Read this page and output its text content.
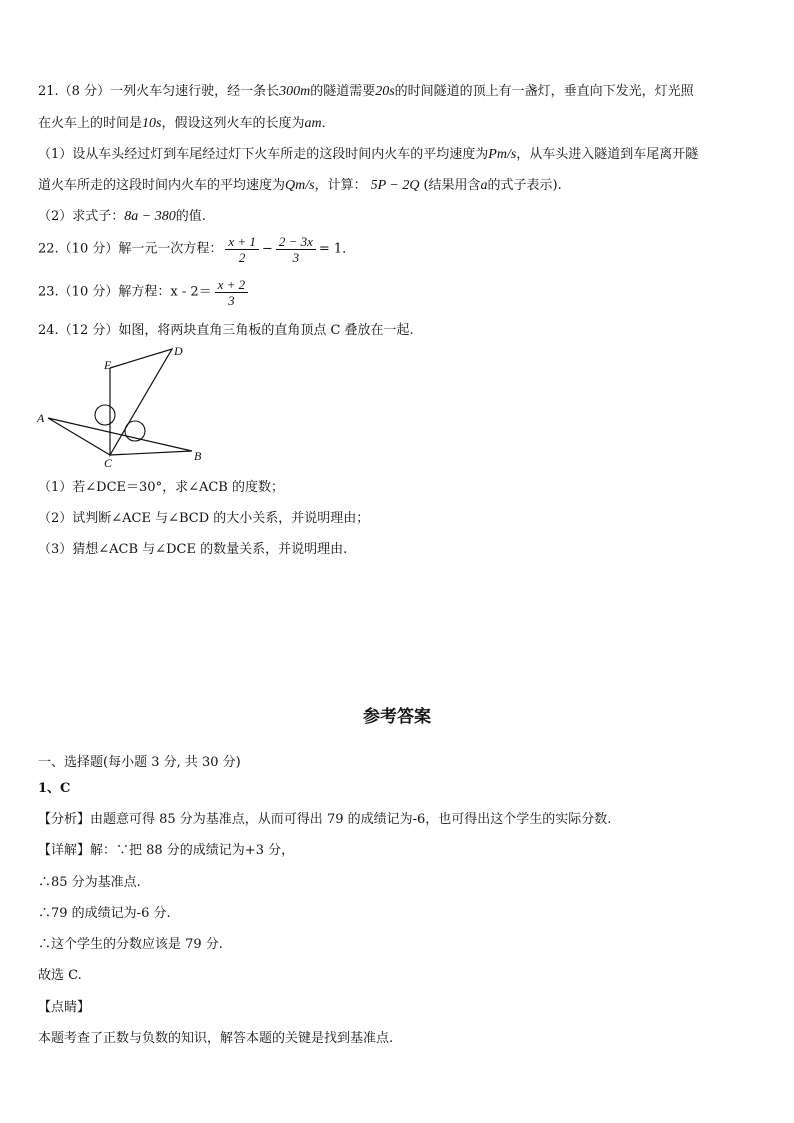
21.（8 分）一列火车匀速行驶，经一条长300m的隧道需要20s的时间隧道的顶上有一盏灯，垂直向下发光，灯光照
在火车上的时间是10s，假设这列火车的长度为am．
（1）设从车头经过灯到车尾经过灯下火车所走的这段时间内火车的平均速度为Pm/s，从车头进入隧道到车尾离开隧
道火车所走的这段时间内火车的平均速度为Qm/s，计算： 5P − 2Q (结果用含a的式子表示).
（2）求式子：8a − 380的值.
22.（10 分）解一元一次方程： $\frac{x + 1}{2} - \frac{2 - 3x}{3} = 1$．
23.（10 分）解方程：$x - 2= \frac{x + 2}{3}$
24.（12 分）如图，将两块直角三角板的直角顶点 C 叠放在一起.
A
B
C
D
E
（1）若∠DCE＝30°，求∠ACB 的度数；
（2）试判断∠ACE 与∠BCD 的大小关系，并说明理由；
（3）猜想∠ACB 与∠DCE 的数量关系，并说明理由.
参考答案
一、选择题(每小题 3 分, 共 30 分)
1、C
【分析】由题意可得 85 分为基准点，从而可得出 79 的成绩记为-6，也可得出这个学生的实际分数.
【详解】解：∵把 88 分的成绩记为+3 分，
∴85 分为基准点.
∴79 的成绩记为-6 分.
∴这个学生的分数应该是 79 分.
故选 C.
【点睛】
本题考查了正数与负数的知识，解答本题的关键是找到基准点.
